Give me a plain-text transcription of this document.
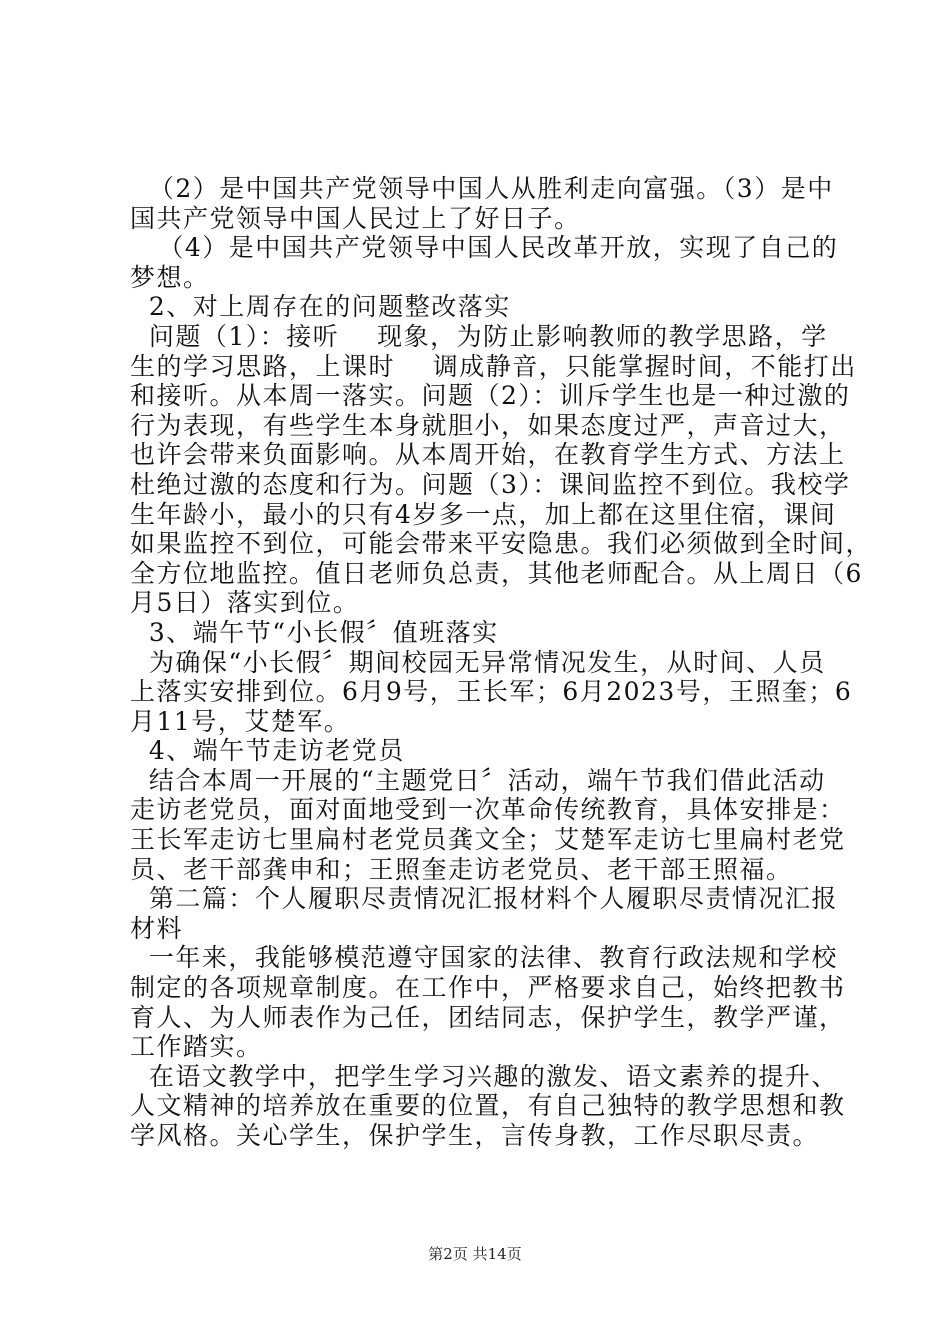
（2）是中国共产党领导中国人从胜利走向富强。（3）是中
国共产党领导中国人民过上了好日子。
（4）是中国共产党领导中国人民改革开放，实现了自己的
梦想。
2、对上周存在的问题整改落实
问题（1）：接听    现象，为防止影响教师的教学思路，学
生的学习思路，上课时    调成静音，只能掌握时间，不能打出
和接听。从本周一落实。问题（2）：训斥学生也是一种过激的
行为表现，有些学生本身就胆小，如果态度过严，声音过大，
也许会带来负面影响。从本周开始，在教育学生方式、方法上
杜绝过激的态度和行为。问题（3）：课间监控不到位。我校学
生年龄小，最小的只有4岁多一点，加上都在这里住宿，课间
如果监控不到位，可能会带来平安隐患。我们必须做到全时间，
全方位地监控。值日老师负总责，其他老师配合。从上周日（6
月5日）落实到位。
3、端午节“小长假〞值班落实
为确保“小长假〞期间校园无异常情况发生，从时间、人员
上落实安排到位。6月9号，王长军；6月2023号，王照奎；6
月11号，艾楚军。
4、端午节走访老党员
结合本周一开展的“主题党日〞活动，端午节我们借此活动
走访老党员，面对面地受到一次革命传统教育，具体安排是：
王长军走访七里扁村老党员龚文全；艾楚军走访七里扁村老党
员、老干部龚申和；王照奎走访老党员、老干部王照福。
第二篇：个人履职尽责情况汇报材料个人履职尽责情况汇报
材料
一年来，我能够模范遵守国家的法律、教育行政法规和学校
制定的各项规章制度。在工作中，严格要求自己，始终把教书
育人、为人师表作为己任，团结同志，保护学生，教学严谨，
工作踏实。
在语文教学中，把学生学习兴趣的激发、语文素养的提升、
人文精神的培养放在重要的位置，有自己独特的教学思想和教
学风格。关心学生，保护学生，言传身教，工作尽职尽责。
第2页 共14页
